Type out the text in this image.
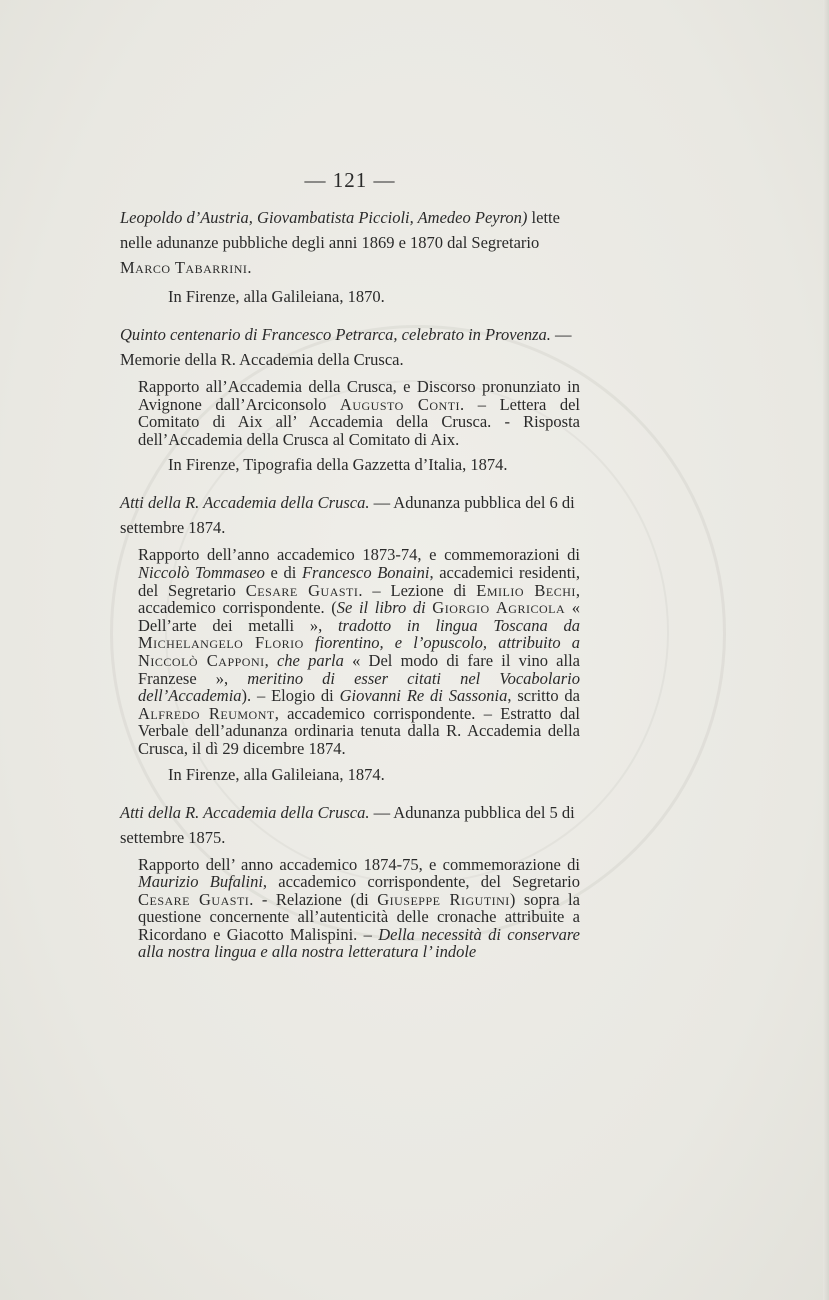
— 121 —

Leopoldo d’Austria, Giovambatista Piccioli, Amedeo Peyron) lette nelle adunanze pubbliche degli anni 1869 e 1870 dal Segretario Marco Tabarrini.

In Firenze, alla Galileiana, 1870.

Quinto centenario di Francesco Petrarca, celebrato in Provenza. — Memorie della R. Accademia della Crusca.

Rapporto all’Accademia della Crusca, e Discorso pronunziato in Avignone dall’Arciconsolo Augusto Conti. – Lettera del Comitato di Aix all’ Accademia della Crusca. - Risposta dell’Accademia della Crusca al Comitato di Aix.

In Firenze, Tipografia della Gazzetta d’Italia, 1874.

Atti della R. Accademia della Crusca. — Adunanza pubblica del 6 di settembre 1874.

Rapporto dell’anno accademico 1873-74, e commemorazioni di Niccolò Tommaseo e di Francesco Bonaini, accademici residenti, del Segretario Cesare Guasti. – Lezione di Emilio Bechi, accademico corrispondente. (Se il libro di Giorgio Agricola « Dell’arte dei metalli », tradotto in lingua Toscana da Michelangelo Florio fiorentino, e l’opuscolo, attribuito a Niccolò Capponi, che parla « Del modo di fare il vino alla Franzese », meritino di esser citati nel Vocabolario dell’Accademia). – Elogio di Giovanni Re di Sassonia, scritto da Alfredo Reumont, accademico corrispondente. – Estratto dal Verbale dell’adunanza ordinaria tenuta dalla R. Accademia della Crusca, il dì 29 dicembre 1874.

In Firenze, alla Galileiana, 1874.

Atti della R. Accademia della Crusca. — Adunanza pubblica del 5 di settembre 1875.

Rapporto dell’ anno accademico 1874-75, e commemorazione di Maurizio Bufalini, accademico corrispondente, del Segretario Cesare Guasti. - Relazione (di Giuseppe Rigutini) sopra la questione concernente all’autenticità delle cronache attribuite a Ricordano e Giacotto Malispini. – Della necessità di conservare alla nostra lingua e alla nostra letteratura l’ indole
